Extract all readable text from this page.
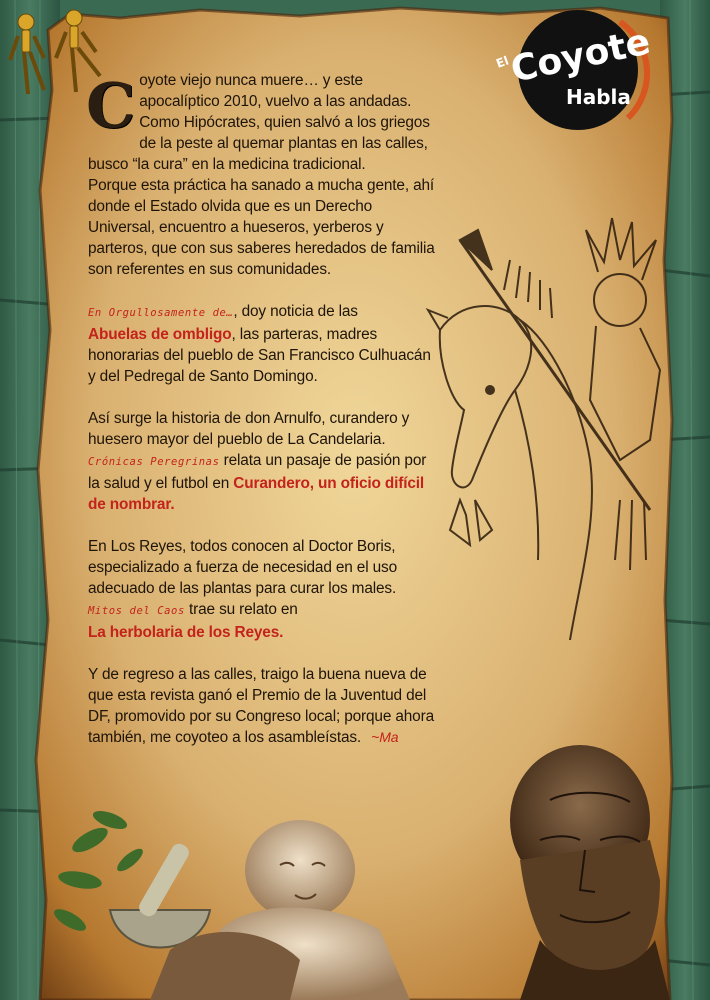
El
Coyote
Habla

C oyote viejo nunca muere… y este
apocalíptico 2010, vuelvo a las andadas.
Como Hipócrates, quien salvó a los griegos de la peste al quemar plantas en las calles, busco “la cura” en la medicina tradicional.
Porque esta práctica ha sanado a mucha gente, ahí donde el Estado olvida que es un Derecho Universal, encuentro a hueseros, yerberos y parteros, que con sus saberes heredados de familia son referentes en sus comunidades.

En Orgullosamente de…, doy noticia de las
Abuelas de ombligo, las parteras, madres honorarias del pueblo de San Francisco Culhuacán y del Pedregal de Santo Domingo.

Así surge la historia de don Arnulfo, curandero y huesero mayor del pueblo de La Candelaria. Crónicas Peregrinas relata un pasaje de pasión por la salud y el futbol en Curandero, un oficio difícil de nombrar.

En Los Reyes, todos conocen al Doctor Boris, especializado a fuerza de necesidad en el uso adecuado de las plantas para curar los males.
Mitos del Caos trae su relato en
La herbolaria de los Reyes.

Y de regreso a las calles, traigo la buena nueva de que esta revista ganó el Premio de la Juventud del DF, promovido por su Congreso local; porque ahora también, me coyoteo a los asambleístas. ~Ma
